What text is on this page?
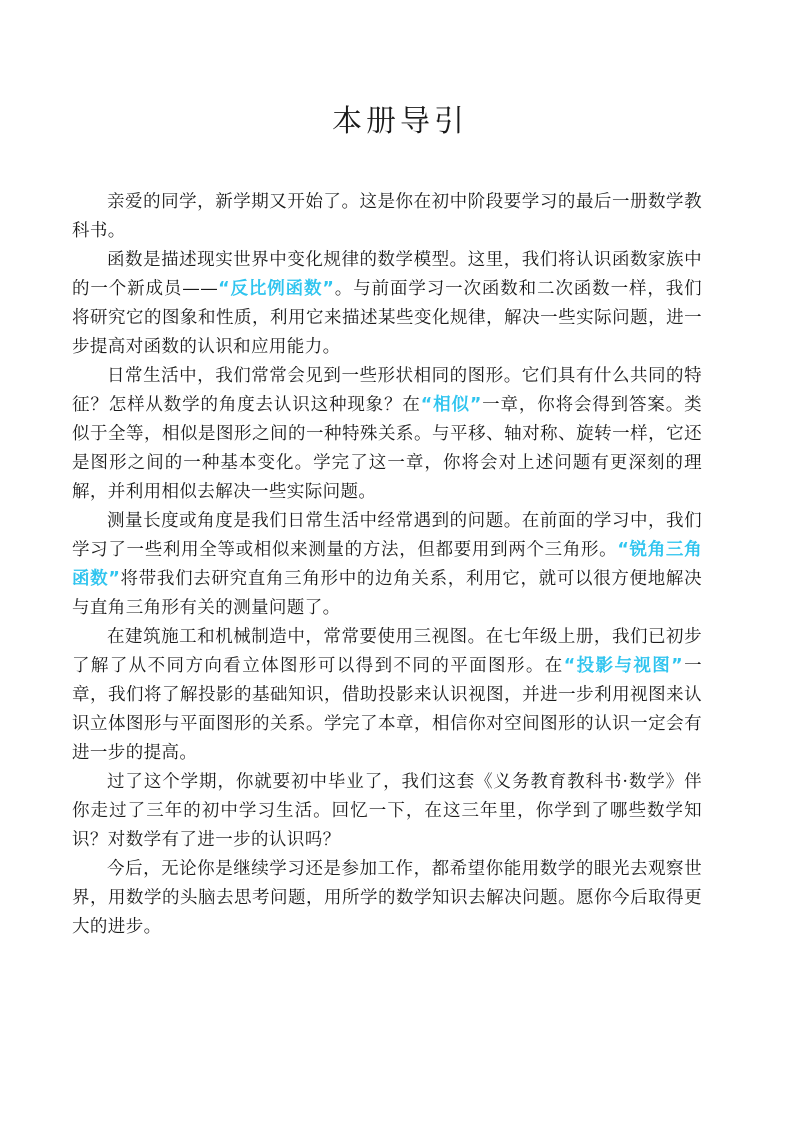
本册导引

亲爱的同学，新学期又开始了。这是你在初中阶段要学习的最后一册数学教科书。

函数是描述现实世界中变化规律的数学模型。这里，我们将认识函数家族中的一个新成员——“反比例函数”。与前面学习一次函数和二次函数一样，我们将研究它的图象和性质，利用它来描述某些变化规律，解决一些实际问题，进一步提高对函数的认识和应用能力。

日常生活中，我们常常会见到一些形状相同的图形。它们具有什么共同的特征？怎样从数学的角度去认识这种现象？在“相似”一章，你将会得到答案。类似于全等，相似是图形之间的一种特殊关系。与平移、轴对称、旋转一样，它还是图形之间的一种基本变化。学完了这一章，你将会对上述问题有更深刻的理解，并利用相似去解决一些实际问题。

测量长度或角度是我们日常生活中经常遇到的问题。在前面的学习中，我们学习了一些利用全等或相似来测量的方法，但都要用到两个三角形。“锐角三角函数”将带我们去研究直角三角形中的边角关系，利用它，就可以很方便地解决与直角三角形有关的测量问题了。

在建筑施工和机械制造中，常常要使用三视图。在七年级上册，我们已初步了解了从不同方向看立体图形可以得到不同的平面图形。在“投影与视图”一章，我们将了解投影的基础知识，借助投影来认识视图，并进一步利用视图来认识立体图形与平面图形的关系。学完了本章，相信你对空间图形的认识一定会有进一步的提高。

过了这个学期，你就要初中毕业了，我们这套《义务教育教科书·数学》伴你走过了三年的初中学习生活。回忆一下，在这三年里，你学到了哪些数学知识？对数学有了进一步的认识吗？

今后，无论你是继续学习还是参加工作，都希望你能用数学的眼光去观察世界，用数学的头脑去思考问题，用所学的数学知识去解决问题。愿你今后取得更大的进步。
